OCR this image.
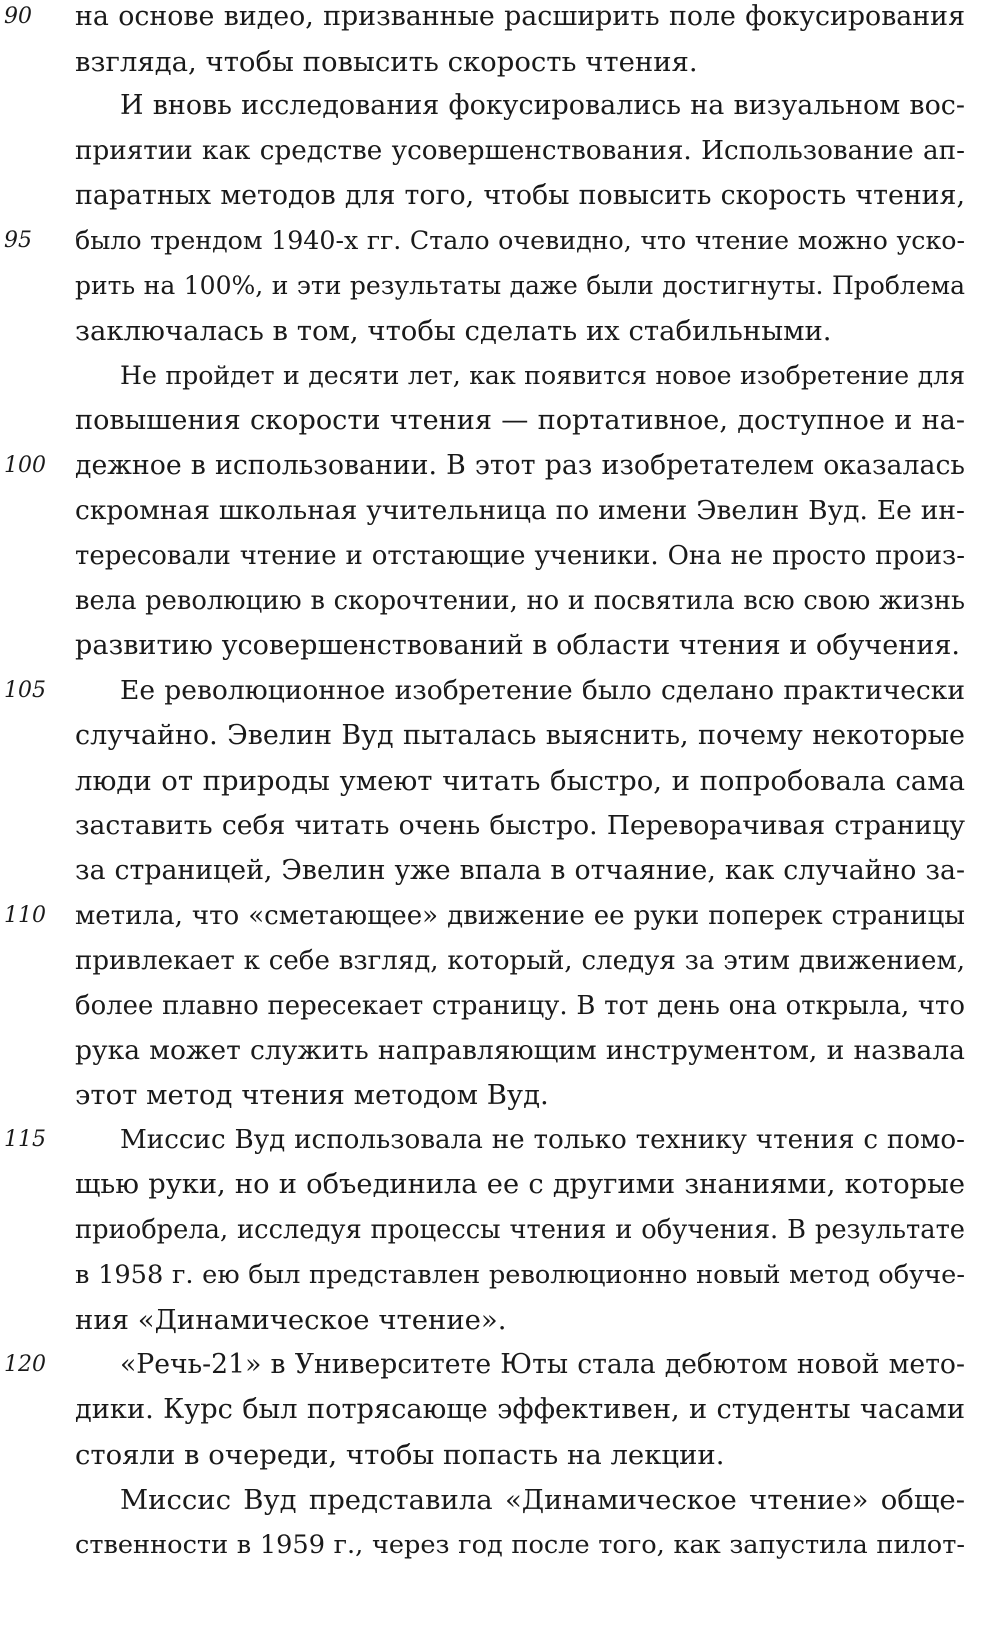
90
95
100
105
110
115
120
на основе видео, призванные расширить поле фокусирования
взгляда, чтобы повысить скорость чтения.
И вновь исследования фокусировались на визуальном вос-
приятии как средстве усовершенствования. Использование ап-
паратных методов для того, чтобы повысить скорость чтения,
было трендом 1940-х гг. Стало очевидно, что чтение можно уско-
рить на 100%, и эти результаты даже были достигнуты. Проблема
заключалась в том, чтобы сделать их стабильными.
Не пройдет и десяти лет, как появится новое изобретение для
повышения скорости чтения — портативное, доступное и на-
дежное в использовании. В этот раз изобретателем оказалась
скромная школьная учительница по имени Эвелин Вуд. Ее ин-
тересовали чтение и отстающие ученики. Она не просто произ-
вела революцию в скорочтении, но и посвятила всю свою жизнь
развитию усовершенствований в области чтения и обучения.
Ее революционное изобретение было сделано практически
случайно. Эвелин Вуд пыталась выяснить, почему некоторые
люди от природы умеют читать быстро, и попробовала сама
заставить себя читать очень быстро. Переворачивая страницу
за страницей, Эвелин уже впала в отчаяние, как случайно за-
метила, что «сметающее» движение ее руки поперек страницы
привлекает к себе взгляд, который, следуя за этим движением,
более плавно пересекает страницу. В тот день она открыла, что
рука может служить направляющим инструментом, и назвала
этот метод чтения методом Вуд.
Миссис Вуд использовала не только технику чтения с помо-
щью руки, но и объединила ее с другими знаниями, которые
приобрела, исследуя процессы чтения и обучения. В результате
в 1958 г. ею был представлен революционно новый метод обуче-
ния «Динамическое чтение».
«Речь-21» в Университете Юты стала дебютом новой мето-
дики. Курс был потрясающе эффективен, и студенты часами
стояли в очереди, чтобы попасть на лекции.
Миссис Вуд представила «Динамическое чтение» обще-
ственности в 1959 г., через год после того, как запустила пилот-
